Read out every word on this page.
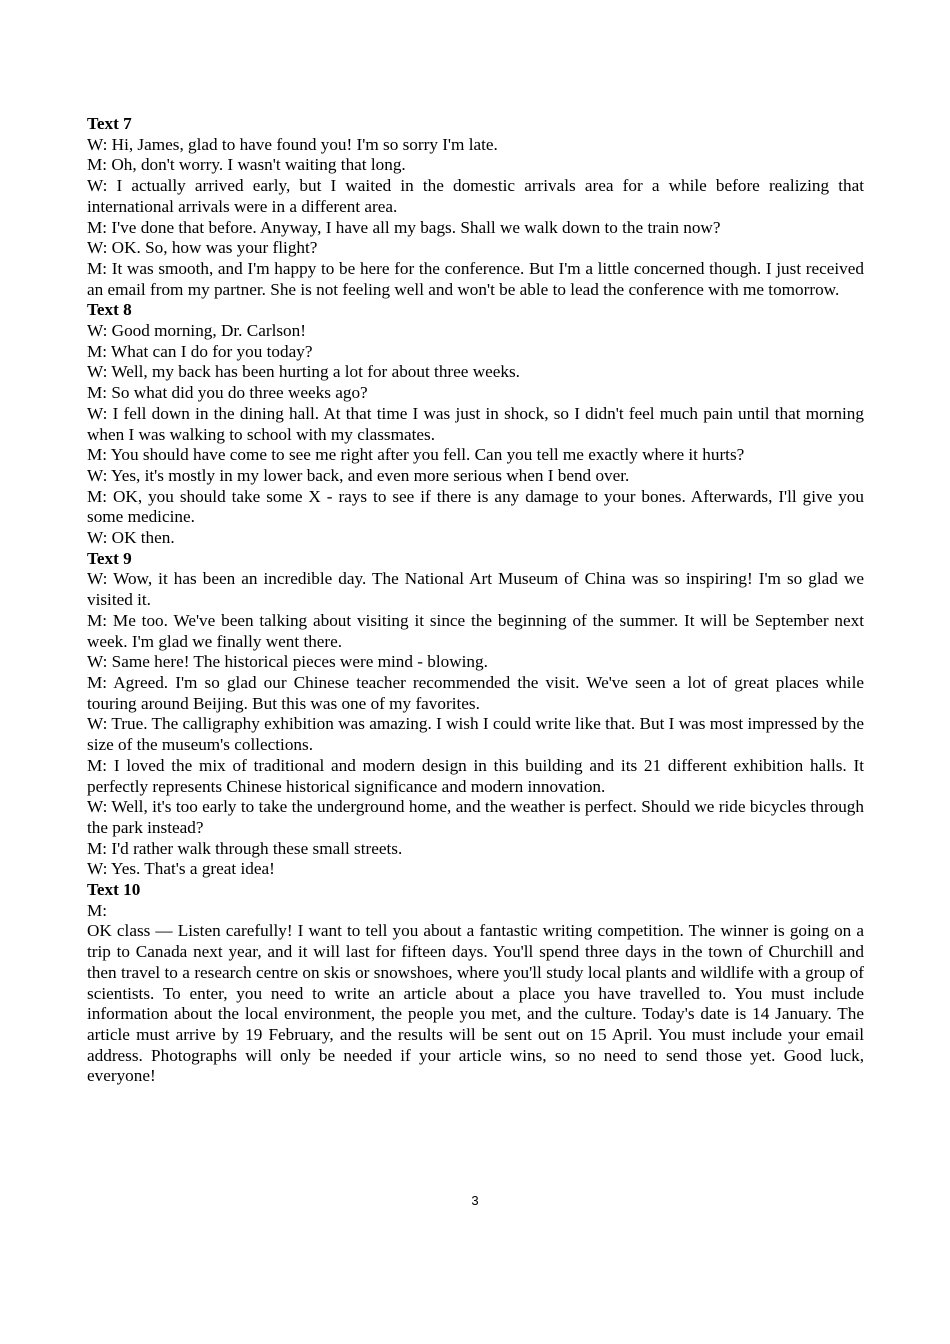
Text 7
W: Hi, James, glad to have found you! I'm so sorry I'm late.
M: Oh, don't worry. I wasn't waiting that long.
W: I actually arrived early, but I waited in the domestic arrivals area for a while before realizing that international arrivals were in a different area.
M: I've done that before. Anyway, I have all my bags. Shall we walk down to the train now?
W: OK. So, how was your flight?
M: It was smooth, and I'm happy to be here for the conference. But I'm a little concerned though. I just received an email from my partner. She is not feeling well and won't be able to lead the conference with me tomorrow.
Text 8
W: Good morning, Dr. Carlson!
M: What can I do for you today?
W: Well, my back has been hurting a lot for about three weeks.
M: So what did you do three weeks ago?
W: I fell down in the dining hall. At that time I was just in shock, so I didn't feel much pain until that morning when I was walking to school with my classmates.
M: You should have come to see me right after you fell. Can you tell me exactly where it hurts?
W: Yes, it's mostly in my lower back, and even more serious when I bend over.
M: OK, you should take some X - rays to see if there is any damage to your bones. Afterwards, I'll give you some medicine.
W: OK then.
Text 9
W: Wow, it has been an incredible day. The National Art Museum of China was so inspiring! I'm so glad we visited it.
M: Me too. We've been talking about visiting it since the beginning of the summer. It will be September next week. I'm glad we finally went there.
W: Same here! The historical pieces were mind - blowing.
M: Agreed. I'm so glad our Chinese teacher recommended the visit. We've seen a lot of great places while touring around Beijing. But this was one of my favorites.
W: True. The calligraphy exhibition was amazing. I wish I could write like that. But I was most impressed by the size of the museum's collections.
M: I loved the mix of traditional and modern design in this building and its 21 different exhibition halls. It perfectly represents Chinese historical significance and modern innovation.
W: Well, it's too early to take the underground home, and the weather is perfect. Should we ride bicycles through the park instead?
M: I'd rather walk through these small streets.
W: Yes. That's a great idea!
Text 10
M:
OK class — Listen carefully! I want to tell you about a fantastic writing competition. The winner is going on a trip to Canada next year, and it will last for fifteen days. You'll spend three days in the town of Churchill and then travel to a research centre on skis or snowshoes, where you'll study local plants and wildlife with a group of scientists. To enter, you need to write an article about a place you have travelled to. You must include information about the local environment, the people you met, and the culture. Today's date is 14 January. The article must arrive by 19 February, and the results will be sent out on 15 April. You must include your email address. Photographs will only be needed if your article wins, so no need to send those yet. Good luck, everyone!
3
